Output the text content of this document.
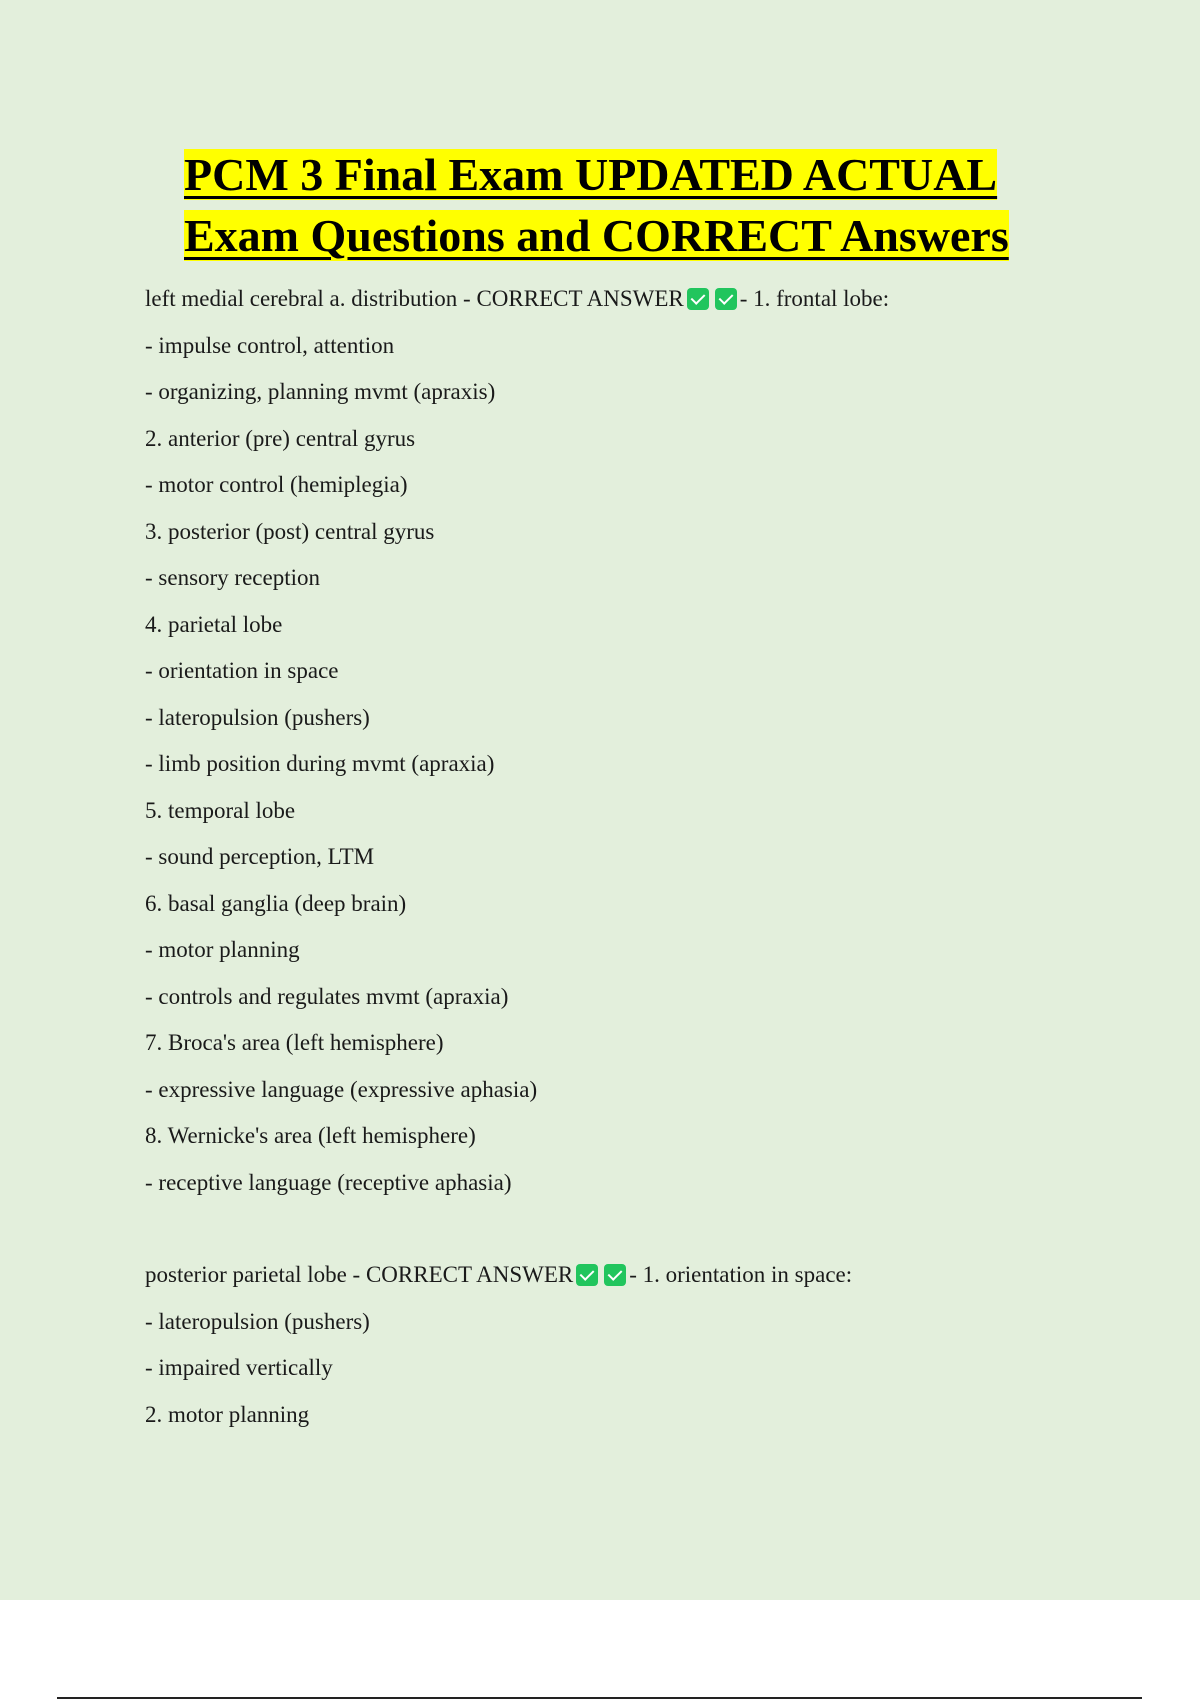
PCM 3 Final Exam UPDATED ACTUAL Exam Questions and CORRECT Answers
left medial cerebral a. distribution - CORRECT ANSWER - 1. frontal lobe:
- impulse control, attention
- organizing, planning mvmt (apraxis)
2. anterior (pre) central gyrus
- motor control (hemiplegia)
3. posterior (post) central gyrus
- sensory reception
4. parietal lobe
- orientation in space
- lateropulsion (pushers)
- limb position during mvmt (apraxia)
5. temporal lobe
- sound perception, LTM
6. basal ganglia (deep brain)
- motor planning
- controls and regulates mvmt (apraxia)
7. Broca's area (left hemisphere)
- expressive language (expressive aphasia)
8. Wernicke's area (left hemisphere)
- receptive language (receptive aphasia)
posterior parietal lobe - CORRECT ANSWER - 1. orientation in space:
- lateropulsion (pushers)
- impaired vertically
2. motor planning
